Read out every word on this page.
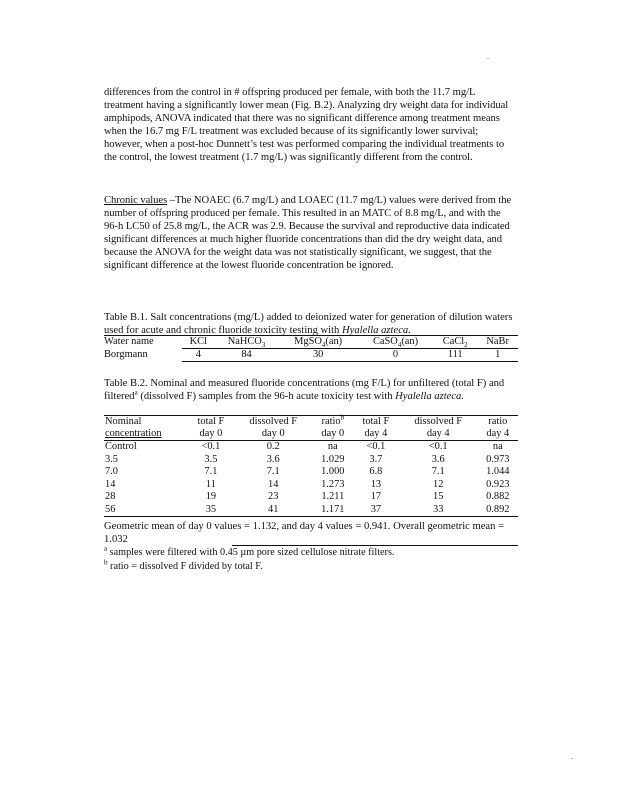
.
differences from the control in # offspring produced per female, with both the 11.7 mg/L treatment having a significantly lower mean (Fig. B.2). Analyzing dry weight data for individual amphipods, ANOVA indicated that there was no significant difference among treatment means when the 16.7 mg F/L treatment was excluded because of its significantly lower survival; however, when a post-hoc Dunnett’s test was performed comparing the individual treatments to the control, the lowest treatment (1.7 mg/L) was significantly different from the control.
Chronic values –The NOAEC (6.7 mg/L) and LOAEC (11.7 mg/L) values were derived from the number of offspring produced per female. This resulted in an MATC of 8.8 mg/L, and with the 96-h LC50 of 25.8 mg/L, the ACR was 2.9. Because the survival and reproductive data indicated significant differences at much higher fluoride concentrations than did the dry weight data, and because the ANOVA for the weight data was not statistically significant, we suggest, that the significant difference at the lowest fluoride concentration be ignored.
Table B.1. Salt concentrations (mg/L) added to deionized water for generation of dilution waters used for acute and chronic fluoride toxicity testing with Hyalella azteca.
Water name	KCl	NaHCO$_3$	MgSO$_4$(an)	CaSO$_4$(an)	CaCl$_2$	NaBr
Borgmann	4	84	30	0	111	1
Table B.2. Nominal and measured fluoride concentrations (mg F/L) for unfiltered (total F) and filtered$^a$ (dissolved F) samples from the 96-h acute toxicity test with Hyalella azteca.
Nominal	total F	dissolved F	ratio$^b$	total F	dissolved F	ratio
concentration	day 0	day 0	day 0	day 4	day 4	day 4
Control	<0.1	0.2	na	<0.1	<0.1	na
3.5	3.5	3.6	1.029	3.7	3.6	0.973
7.0	7.1	7.1	1.000	6.8	7.1	1.044
14	11	14	1.273	13	12	0.923
28	19	23	1.211	17	15	0.882
56	35	41	1.171	37	33	0.892
Geometric mean of day 0 values = 1.132, and day 4 values = 0.941. Overall geometric mean = 1.032
$^a$ samples were filtered with 0.45 µm pore sized cellulose nitrate filters.
$^b$ ratio = dissolved F divided by total F.
.
